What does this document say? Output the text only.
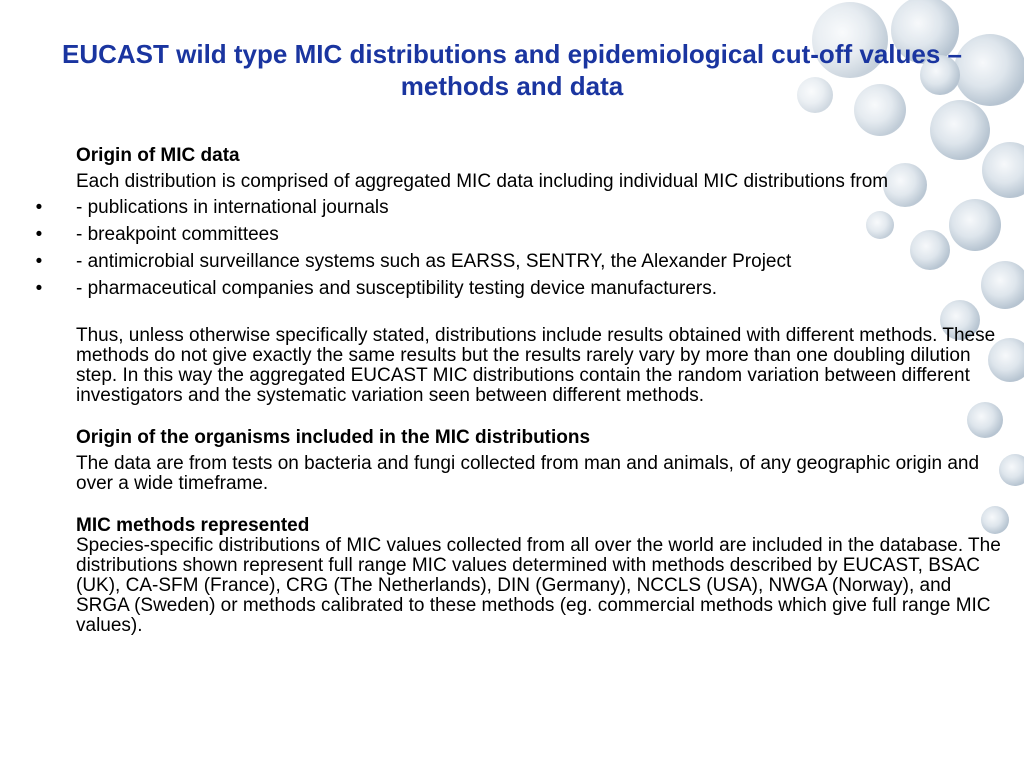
EUCAST wild type MIC distributions and epidemiological cut-off values – methods and data

Origin of MIC data

Each distribution is comprised of aggregated MIC data including individual MIC distributions from

• - publications in international journals
• - breakpoint committees
• - antimicrobial surveillance systems such as EARSS, SENTRY, the Alexander Project
• - pharmaceutical companies and susceptibility testing device manufacturers.

Thus, unless otherwise specifically stated, distributions include results obtained with different methods. These methods do not give exactly the same results but the results rarely vary by more than one doubling dilution step. In this way the aggregated EUCAST MIC distributions contain the random variation between different investigators and the systematic variation seen between different methods.

Origin of the organisms included in the MIC distributions

The data are from tests on bacteria and fungi collected from man and animals, of any geographic origin and over a wide timeframe.

MIC methods represented

Species-specific distributions of MIC values collected from all over the world are included in the database. The distributions shown represent full range MIC values determined with methods described by EUCAST, BSAC (UK), CA-SFM (France), CRG (The Netherlands), DIN (Germany), NCCLS (USA), NWGA (Norway), and SRGA (Sweden) or methods calibrated to these methods (eg. commercial methods which give full range MIC values).
